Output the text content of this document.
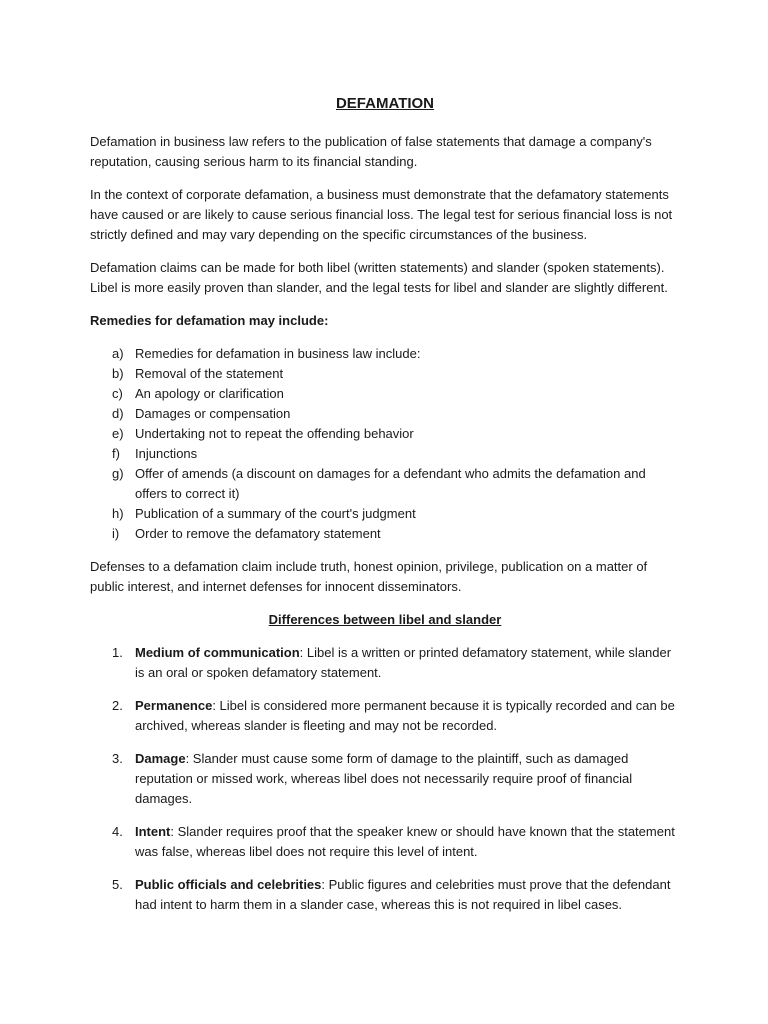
DEFAMATION

Defamation in business law refers to the publication of false statements that damage a company's reputation, causing serious harm to its financial standing.

In the context of corporate defamation, a business must demonstrate that the defamatory statements have caused or are likely to cause serious financial loss. The legal test for serious financial loss is not strictly defined and may vary depending on the specific circumstances of the business.

Defamation claims can be made for both libel (written statements) and slander (spoken statements). Libel is more easily proven than slander, and the legal tests for libel and slander are slightly different.

Remedies for defamation may include:
a) Remedies for defamation in business law include:
b) Removal of the statement
c) An apology or clarification
d) Damages or compensation
e) Undertaking not to repeat the offending behavior
f) Injunctions
g) Offer of amends (a discount on damages for a defendant who admits the defamation and offers to correct it)
h) Publication of a summary of the court's judgment
i) Order to remove the defamatory statement

Defenses to a defamation claim include truth, honest opinion, privilege, publication on a matter of public interest, and internet defenses for innocent disseminators.

Differences between libel and slander
1. Medium of communication: Libel is a written or printed defamatory statement, while slander is an oral or spoken defamatory statement.
2. Permanence: Libel is considered more permanent because it is typically recorded and can be archived, whereas slander is fleeting and may not be recorded.
3. Damage: Slander must cause some form of damage to the plaintiff, such as damaged reputation or missed work, whereas libel does not necessarily require proof of financial damages.
4. Intent: Slander requires proof that the speaker knew or should have known that the statement was false, whereas libel does not require this level of intent.
5. Public officials and celebrities: Public figures and celebrities must prove that the defendant had intent to harm them in a slander case, whereas this is not required in libel cases.
